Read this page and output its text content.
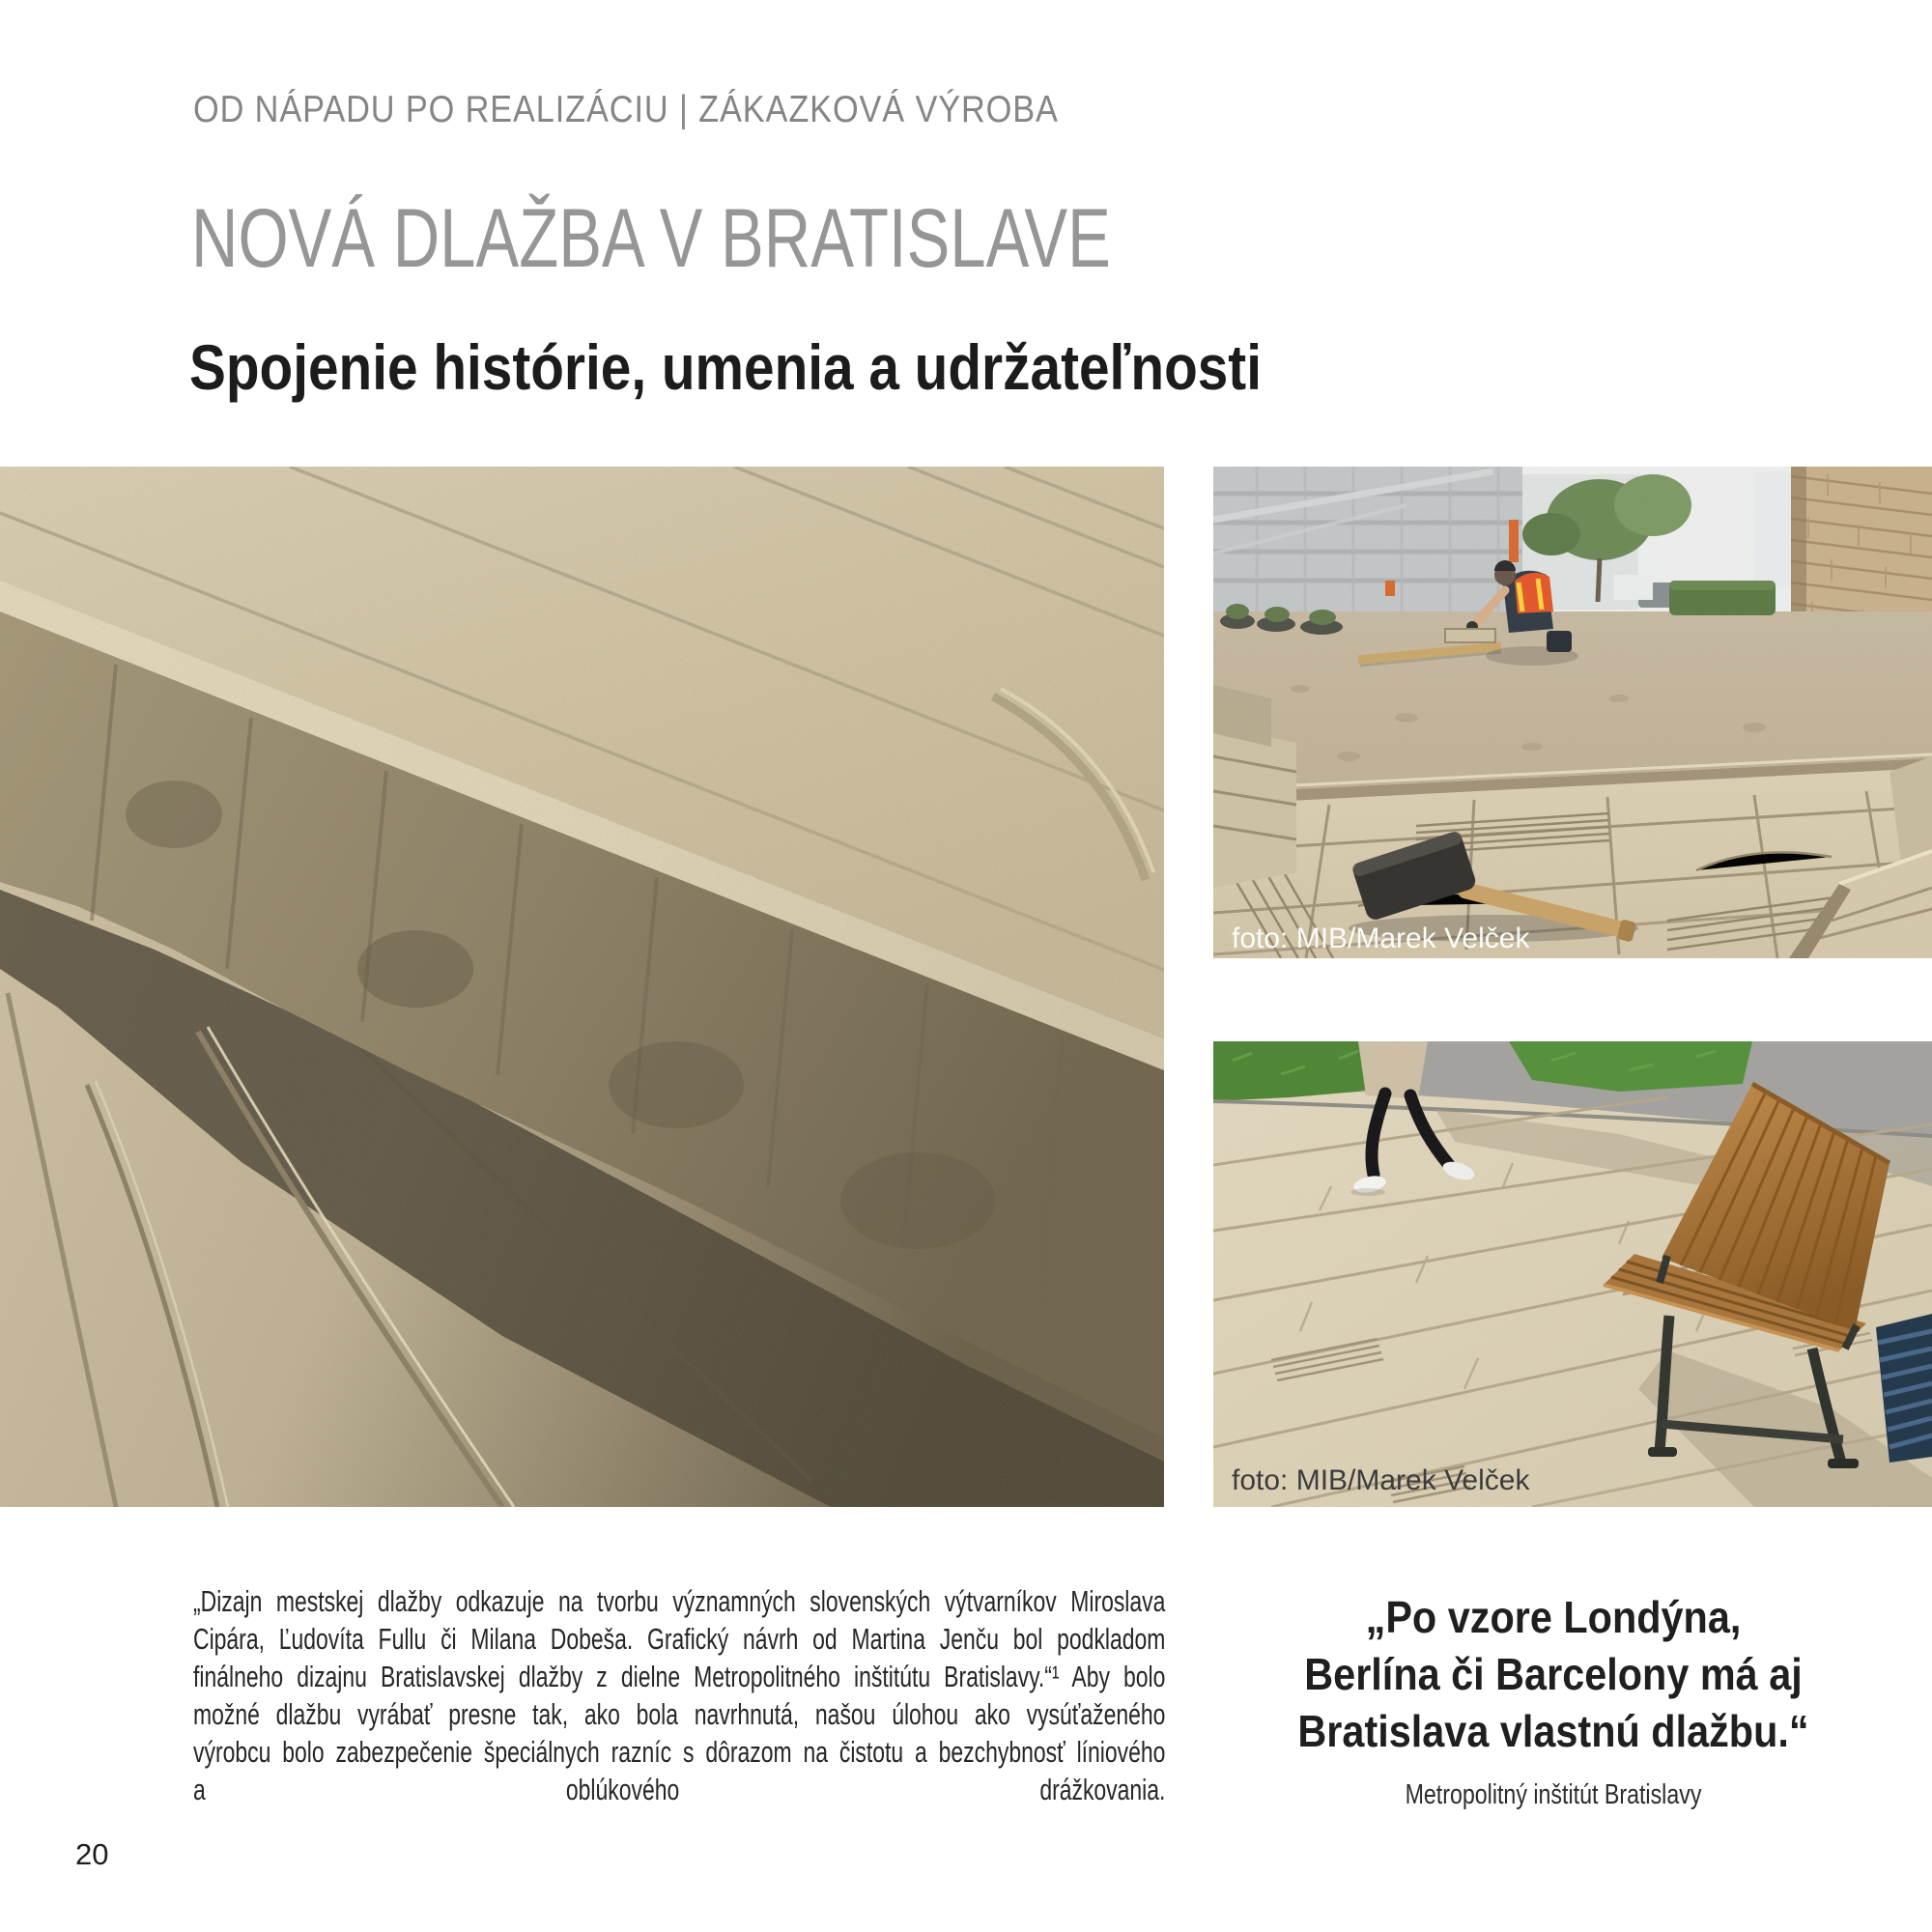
OD NÁPADU PO REALIZÁCIU | ZÁKAZKOVÁ VÝROBA
NOVÁ DLAŽBA V BRATISLAVE
Spojenie histórie, umenia a udržateľnosti
foto: MIB/Marek Velček
foto: MIB/Marek Velček
„Dizajn mestskej dlažby odkazuje na tvorbu významných slovenských výtvarníkov Miroslava
Cipára, Ľudovíta Fullu či Milana Dobeša. Grafický návrh od Martina Jenču bol podkladom
finálneho dizajnu Bratislavskej dlažby z dielne Metropolitného inštitútu Bratislavy.“¹ Aby bolo
možné dlažbu vyrábať presne tak, ako bola navrhnutá, našou úlohou ako vysúťaženého
výrobcu bolo zabezpečenie špeciálnych razníc s dôrazom na čistotu a bezchybnosť líniového
a oblúkového drážkovania.
„Po vzore Londýna,
Berlína či Barcelony má aj
Bratislava vlastnú dlažbu.“
Metropolitný inštitút Bratislavy
20
